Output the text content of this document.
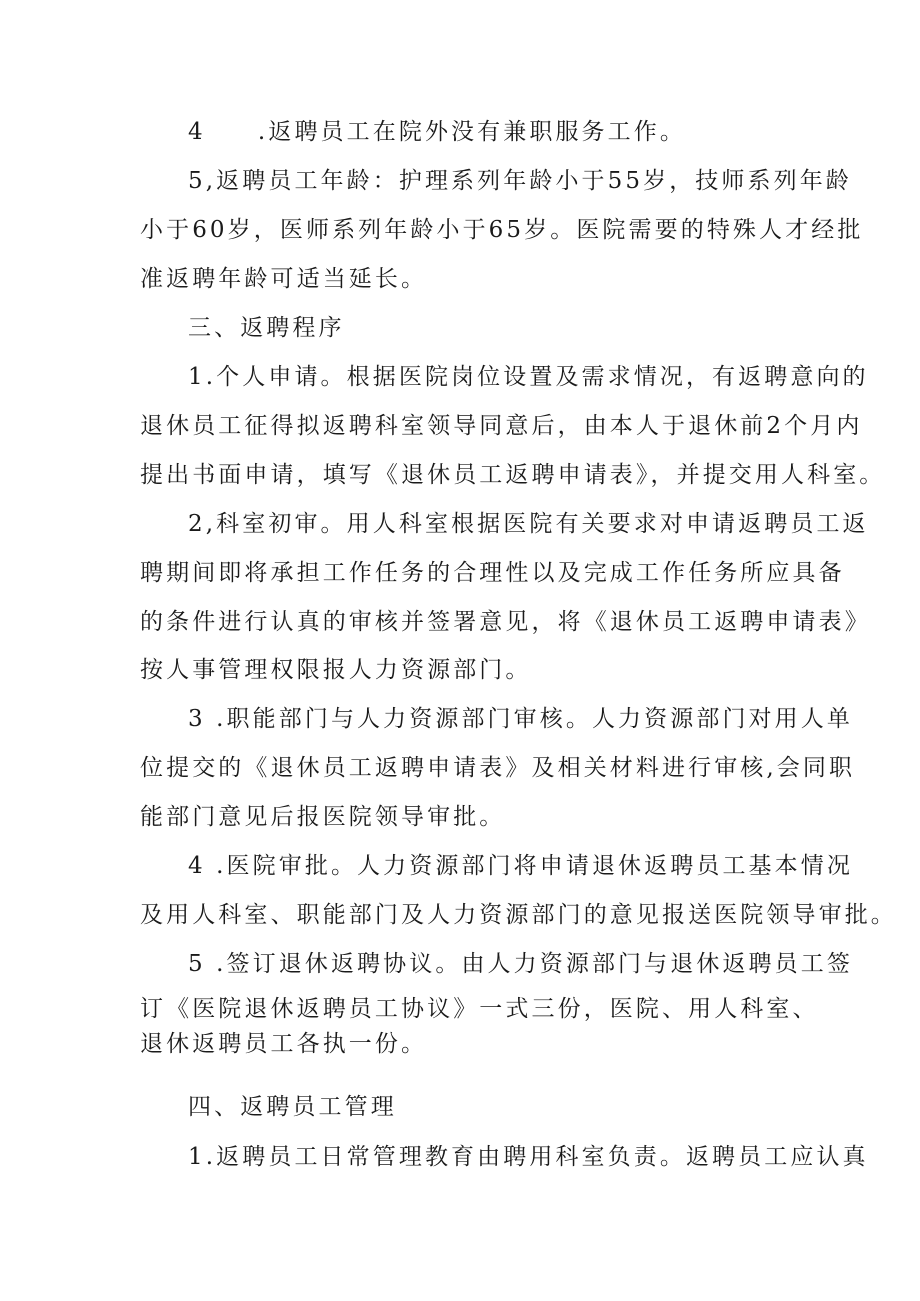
4  .返聘员工在院外没有兼职服务工作。

5,返聘员工年龄：护理系列年龄小于55岁，技师系列年龄

小于60岁，医师系列年龄小于65岁。医院需要的特殊人才经批

准返聘年龄可适当延长。

三、返聘程序

1.个人申请。根据医院岗位设置及需求情况，有返聘意向的

退休员工征得拟返聘科室领导同意后，由本人于退休前2个月内

提出书面申请，填写《退休员工返聘申请表》，并提交用人科室。

2,科室初审。用人科室根据医院有关要求对申请返聘员工返

聘期间即将承担工作任务的合理性以及完成工作任务所应具备

的条件进行认真的审核并签署意见，将《退休员工返聘申请表》

按人事管理权限报人力资源部门。

3 .职能部门与人力资源部门审核。人力资源部门对用人单

位提交的《退休员工返聘申请表》及相关材料进行审核,会同职

能部门意见后报医院领导审批。

4 .医院审批。人力资源部门将申请退休返聘员工基本情况

及用人科室、职能部门及人力资源部门的意见报送医院领导审批。

5 .签订退休返聘协议。由人力资源部门与退休返聘员工签

订《医院退休返聘员工协议》一式三份，医院、用人科室、

退休返聘员工各执一份。

四、返聘员工管理

1.返聘员工日常管理教育由聘用科室负责。返聘员工应认真
